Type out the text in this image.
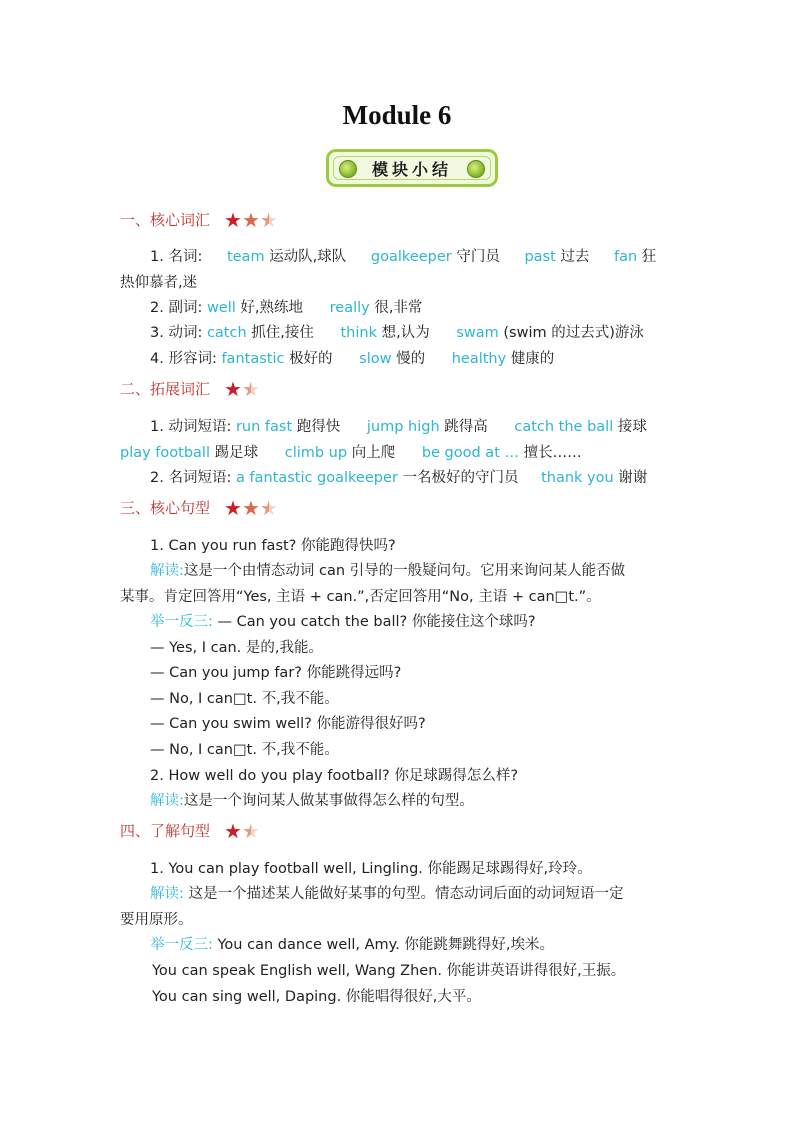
Module 6
模块小结
一、核心词汇 ★ ★ ★
1. 名词: team 运动队,球队 goalkeeper 守门员 past 过去 fan 狂
热仰慕者,迷
2. 副词: well 好,熟练地 really 很,非常
3. 动词: catch 抓住,接住 think 想,认为 swam (swim 的过去式)游泳
4. 形容词: fantastic 极好的 slow 慢的 healthy 健康的
二、拓展词汇 ★ ★
1. 动词短语: run fast 跑得快 jump high 跳得高 catch the ball 接球
play football 踢足球 climb up 向上爬 be good at … 擅长……
2. 名词短语: a fantastic goalkeeper 一名极好的守门员 thank you 谢谢
三、核心句型 ★ ★ ★
1. Can you run fast? 你能跑得快吗?
解读:这是一个由情态动词 can 引导的一般疑问句。它用来询问某人能否做
某事。肯定回答用“Yes, 主语 + can.”,否定回答用“No, 主语 + can□t.”。
举一反三: — Can you catch the ball? 你能接住这个球吗?
— Yes, I can. 是的,我能。
— Can you jump far? 你能跳得远吗?
— No, I can□t. 不,我不能。
— Can you swim well? 你能游得很好吗?
— No, I can□t. 不,我不能。
2. How well do you play football? 你足球踢得怎么样?
解读:这是一个询问某人做某事做得怎么样的句型。
四、了解句型 ★ ★
1. You can play football well, Lingling. 你能踢足球踢得好,玲玲。
解读: 这是一个描述某人能做好某事的句型。情态动词后面的动词短语一定
要用原形。
举一反三: You can dance well, Amy. 你能跳舞跳得好,埃米。
You can speak English well, Wang Zhen. 你能讲英语讲得很好,王振。
You can sing well, Daping. 你能唱得很好,大平。
